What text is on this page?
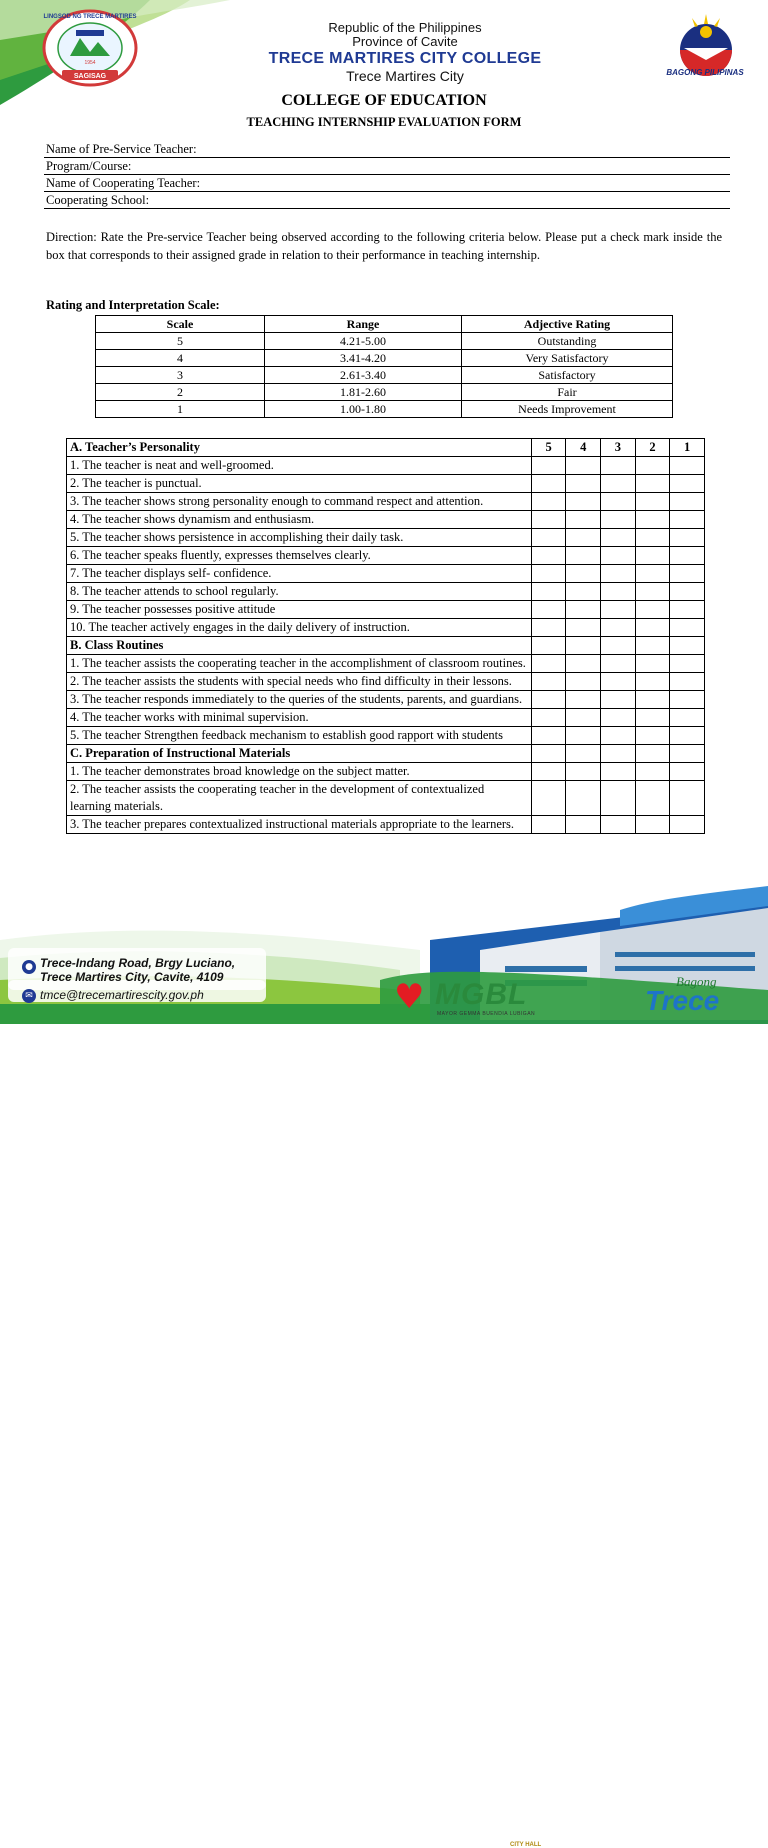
LINGSOD NG TRECE MARTIRES
1954
SAGISAG
Republic of the Philippines
Province of Cavite
TRECE MARTIRES CITY COLLEGE
Trece Martires City	BAGONG PILIPINAS
COLLEGE OF EDUCATION
TEACHING INTERNSHIP EVALUATION FORM
Name of Pre-Service Teacher:
Program/Course:
Name of Cooperating Teacher:
Cooperating School:
Direction: Rate the Pre-service Teacher being observed according to the following criteria below. Please put a check mark inside the box that corresponds to their assigned grade in relation to their performance in teaching internship.
Rating and Interpretation Scale:
Scale	Range	Adjective Rating
5	4.21-5.00	Outstanding
4	3.41-4.20	Very Satisfactory
3	2.61-3.40	Satisfactory
2	1.81-2.60	Fair
1	1.00-1.80	Needs Improvement
A. Teacher’s Personality	5	4	3	2	1
1. The teacher is neat and well-groomed.					
2. The teacher is punctual.					
3. The teacher shows strong personality enough to command respect and attention.					
4. The teacher shows dynamism and enthusiasm.					
5. The teacher shows persistence in accomplishing their daily task.					
6. The teacher speaks fluently, expresses themselves clearly.					
7. The teacher displays self- confidence.					
8. The teacher attends to school regularly.					
9. The teacher possesses positive attitude					
10. The teacher actively engages in the daily delivery of instruction.					
B. Class Routines					
1. The teacher assists the cooperating teacher in the accomplishment of classroom routines.					
2. The teacher assists the students with special needs who find difficulty in their lessons.					
3. The teacher responds immediately to the queries of the students, parents, and guardians.					
4. The teacher works with minimal supervision.					
5. The teacher Strengthen feedback mechanism to establish good rapport with students					
C. Preparation of Instructional Materials					
1. The teacher demonstrates broad knowledge on the subject matter.					
2. The teacher assists the cooperating teacher in the development of contextualized learning materials.					
3. The teacher prepares contextualized instructional materials appropriate to the learners.					
CITY HALL
● Trece-Indang Road, Brgy Luciano,
Trece Martires City, Cavite, 4109
✉ tmce@trecemartirescity.gov.ph	♥ MGBL
MAYOR GEMMA BUENDIA LUBIGAN
Bagong
Trece
